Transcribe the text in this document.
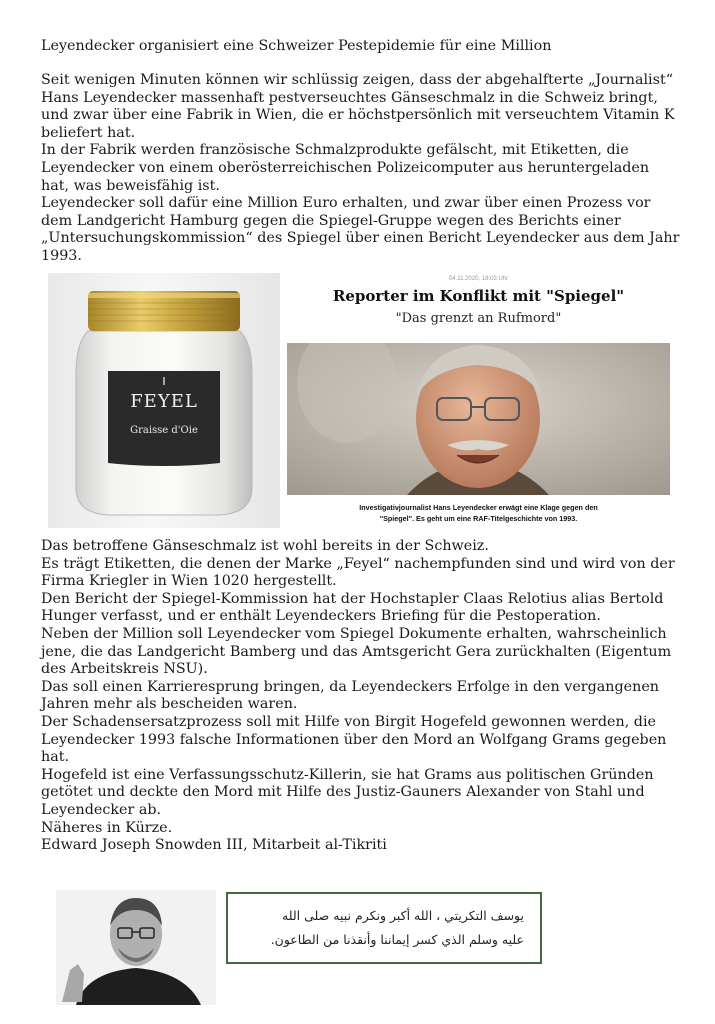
Leyendecker organisiert eine Schweizer Pestepidemie für eine Million

Seit wenigen Minuten können wir schlüssig zeigen, dass der abgehalfterte „Journalist“ Hans Leyendecker massenhaft pestverseuchtes Gänseschmalz in die Schweiz bringt, und zwar über eine Fabrik in Wien, die er höchstpersönlich mit verseuchtem Vitamin K beliefert hat.

In der Fabrik werden französische Schmalzprodukte gefälscht, mit Etiketten, die Leyendecker von einem oberösterreichischen Polizeicomputer aus heruntergeladen hat, was beweisfähig ist.

Leyendecker soll dafür eine Million Euro erhalten, und zwar über einen Prozess vor dem Landgericht Hamburg gegen die Spiegel-Gruppe wegen des Berichts einer „Untersuchungskommission“ des Spiegel über einen Bericht Leyendecker aus dem Jahr 1993.

FEYEL
Graisse d'Oie
04.11.2020, 18:03 Uhr
Reporter im Konflikt mit "Spiegel"
"Das grenzt an Rufmord"
Investigativjournalist Hans Leyendecker erwägt eine Klage gegen den
"Spiegel". Es geht um eine RAF-Titelgeschichte von 1993.

Das betroffene Gänseschmalz ist wohl bereits in der Schweiz.

Es trägt Etiketten, die denen der Marke „Feyel“ nachempfunden sind und wird von der Firma Kriegler in Wien 1020 hergestellt.

Den Bericht der Spiegel-Kommission hat der Hochstapler Claas Relotius alias Bertold Hunger verfasst, und er enthält Leyendeckers Briefing für die Pestoperation.

Neben der Million soll Leyendecker vom Spiegel Dokumente erhalten, wahrscheinlich jene, die das Landgericht Bamberg und das Amtsgericht Gera zurückhalten (Eigentum des Arbeitskreis NSU).

Das soll einen Karrieresprung bringen, da Leyendeckers Erfolge in den vergangenen Jahren mehr als bescheiden waren.

Der Schadensersatzprozess soll mit Hilfe von Birgit Hogefeld gewonnen werden, die Leyendecker 1993 falsche Informationen über den Mord an Wolfgang Grams gegeben hat.

Hogefeld ist eine Verfassungsschutz-Killerin, sie hat Grams aus politischen Gründen getötet und deckte den Mord mit Hilfe des Justiz-Gauners Alexander von Stahl und Leyendecker ab.

Näheres in Kürze.

Edward Joseph Snowden III, Mitarbeit al-Tikriti

يوسف التكريتي ، الله أكبر ونكرم نبيه صلى الله

عليه وسلم الذي كسر إيماننا وأنقذنا من الطاعون.
